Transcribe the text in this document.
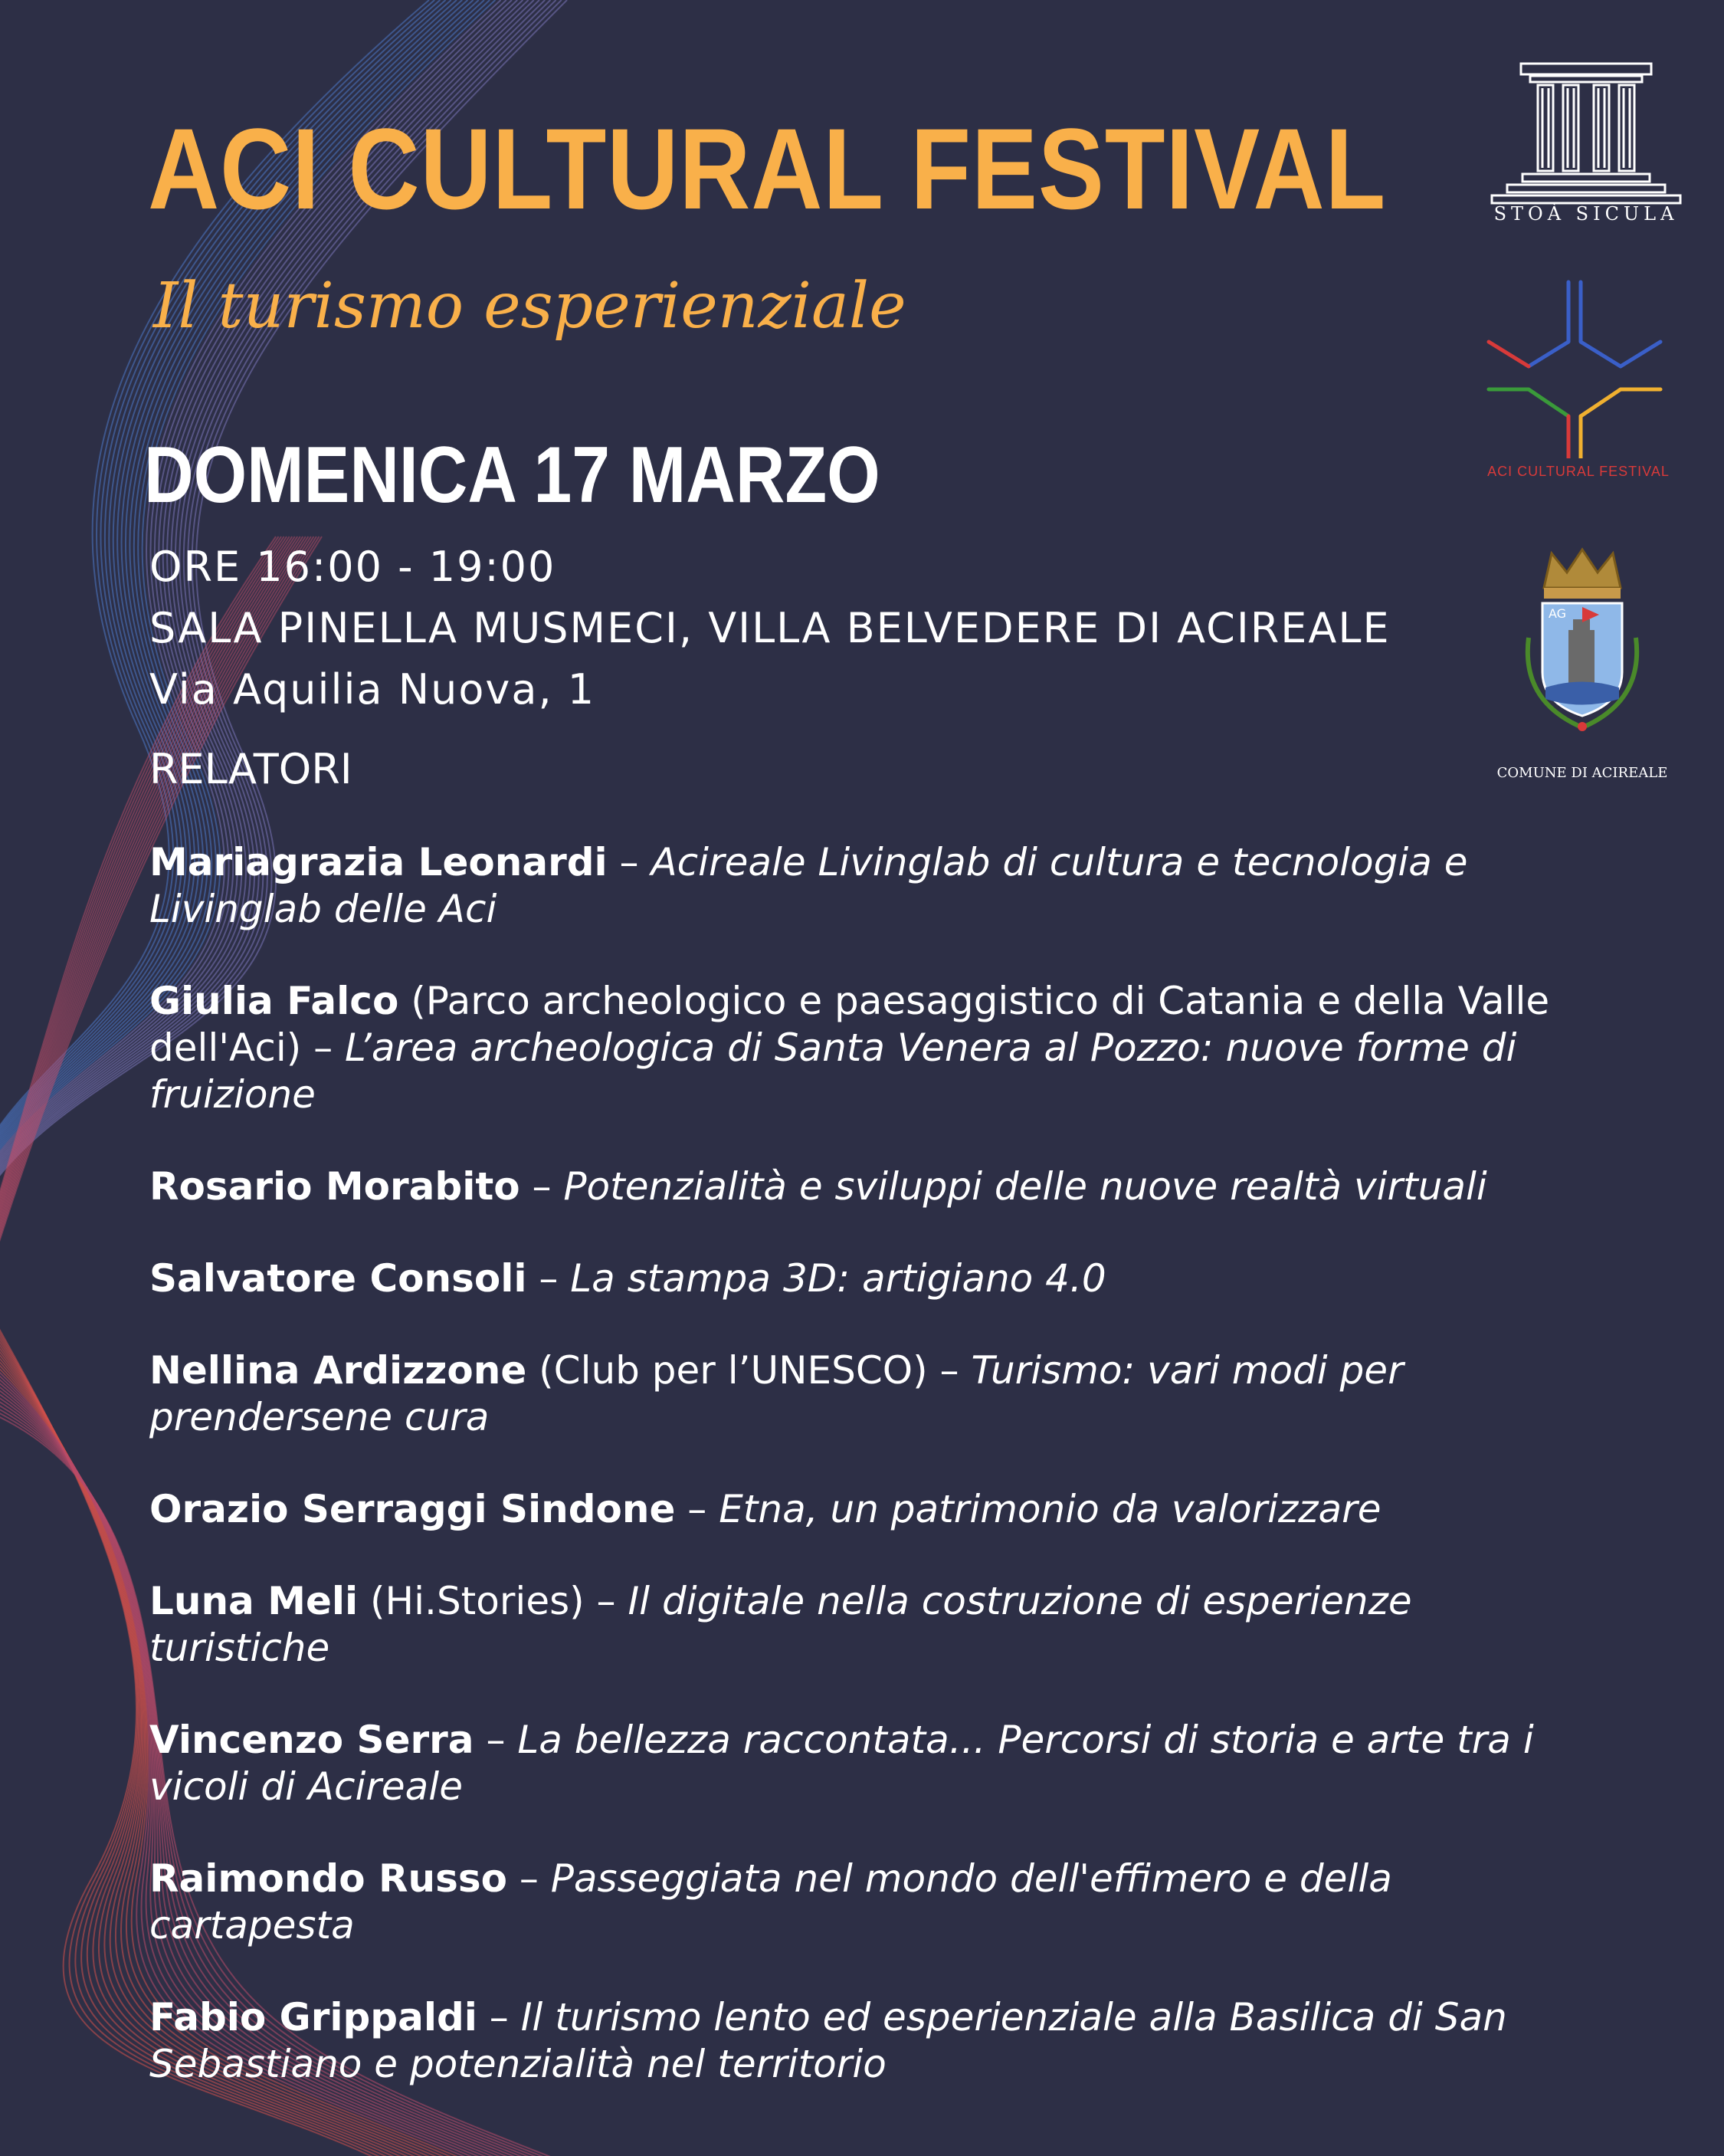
ACI CULTURAL FESTIVAL
Il turismo esperienziale
DOMENICA 17 MARZO
ORE 16:00 - 19:00
SALA PINELLA MUSMECI, VILLA BELVEDERE DI ACIREALE
Via Aquilia Nuova, 1
RELATORI
Mariagrazia Leonardi – Acireale Livinglab di cultura e tecnologia e Livinglab delle Aci
Giulia Falco (Parco archeologico e paesaggistico di Catania e della Valle dell'Aci) – L’area archeologica di Santa Venera al Pozzo: nuove forme di fruizione
Rosario Morabito – Potenzialità e sviluppi delle nuove realtà virtuali
Salvatore Consoli – La stampa 3D: artigiano 4.0
Nellina Ardizzone (Club per l’UNESCO) – Turismo: vari modi per prendersene cura
Orazio Serraggi Sindone – Etna, un patrimonio da valorizzare
Luna Meli (Hi.Stories) – Il digitale nella costruzione di esperienze turistiche
Vincenzo Serra – La bellezza raccontata... Percorsi di storia e arte tra i vicoli di Acireale
Raimondo Russo – Passeggiata nel mondo dell'effimero e della cartapesta
Fabio Grippaldi – Il turismo lento ed esperienziale alla Basilica di San Sebastiano e potenzialità nel territorio
STOÀ SICULA
ACI CULTURAL FESTIVAL
AG
COMUNE DI ACIREALE
